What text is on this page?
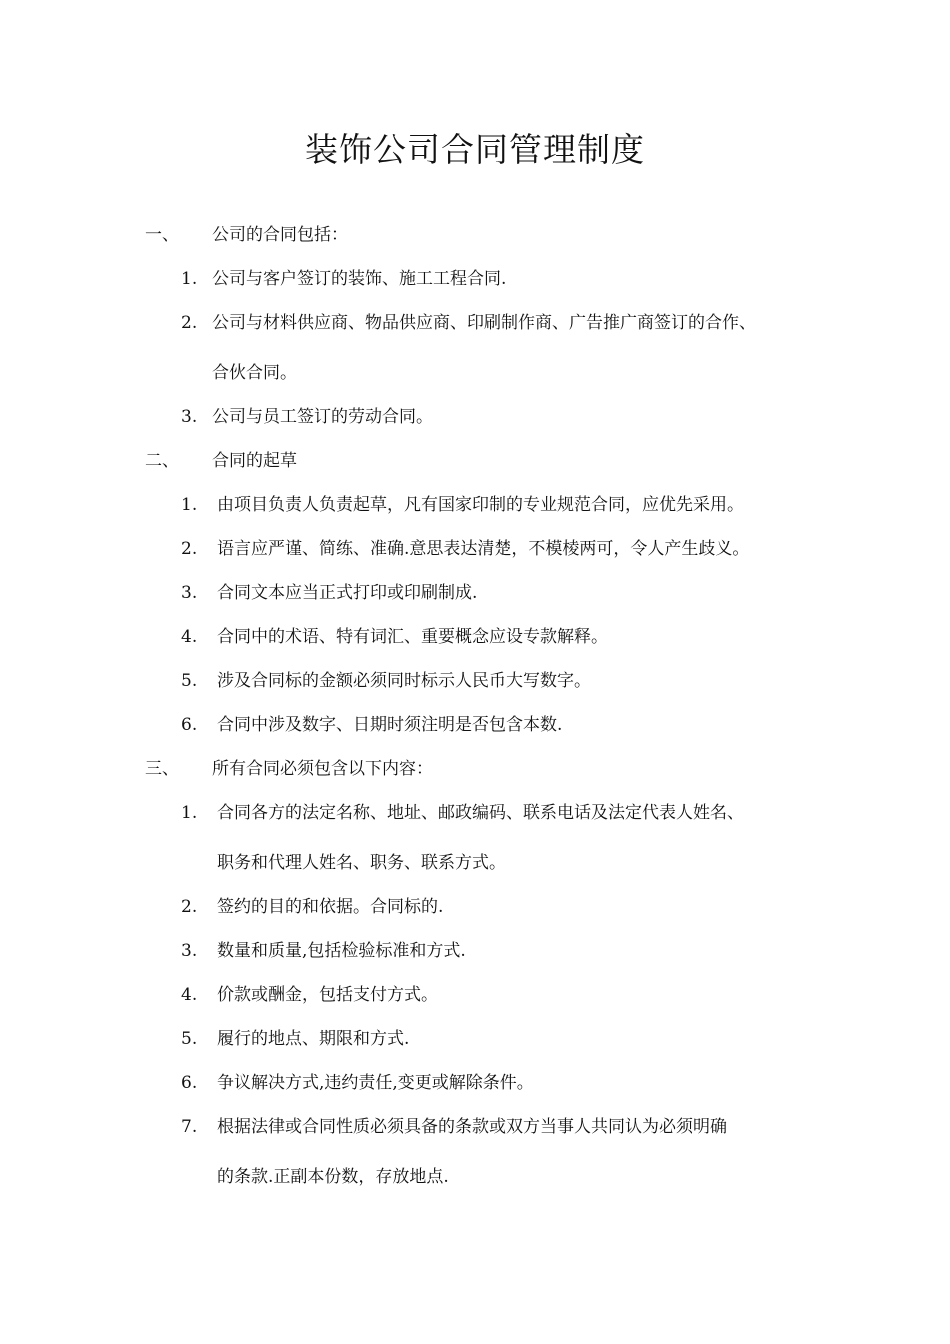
装饰公司合同管理制度
一、 公司的合同包括：
1. 公司与客户签订的装饰、施工工程合同.
2. 公司与材料供应商、物品供应商、印刷制作商、广告推广商签订的合作、
合伙合同。
3. 公司与员工签订的劳动合同。
二、 合同的起草
1. 由项目负责人负责起草，凡有国家印制的专业规范合同，应优先采用。
2. 语言应严谨、简练、准确.意思表达清楚，不模棱两可，令人产生歧义。
3. 合同文本应当正式打印或印刷制成.
4. 合同中的术语、特有词汇、重要概念应设专款解释。
5. 涉及合同标的金额必须同时标示人民币大写数字。
6. 合同中涉及数字、日期时须注明是否包含本数.
三、 所有合同必须包含以下内容：
1. 合同各方的法定名称、地址、邮政编码、联系电话及法定代表人姓名、
职务和代理人姓名、职务、联系方式。
2. 签约的目的和依据。合同标的.
3. 数量和质量,包括检验标准和方式.
4. 价款或酬金，包括支付方式。
5. 履行的地点、期限和方式.
6. 争议解决方式,违约责任,变更或解除条件。
7. 根据法律或合同性质必须具备的条款或双方当事人共同认为必须明确
的条款.正副本份数，存放地点.
